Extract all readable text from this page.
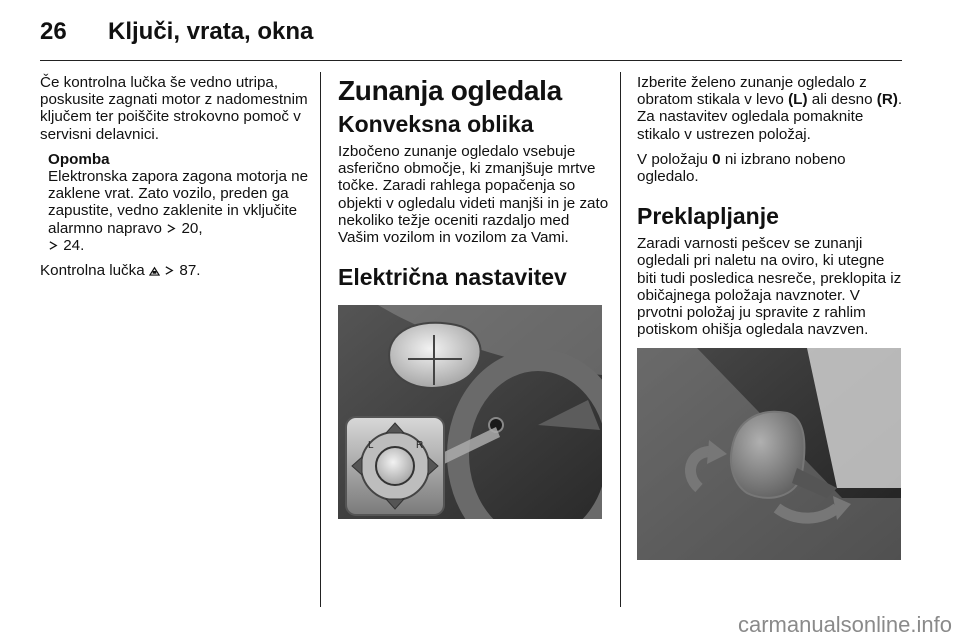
26 Ključi, vrata, okna

Če kontrolna lučka še vedno utripa, poskusite zagnati motor z nadomestnim ključem ter poiščite strokovno pomoč v servisni delavnici.

Opomba
Elektronska zapora zagona motorja ne zaklene vrat. Zato vozilo, preden ga zapustite, vedno zaklenite in vključite alarmno napravo 20,
24.

Kontrolna lučka 87.

Zunanja ogledala
Konveksna oblika

Izbočeno zunanje ogledalo vsebuje asferično območje, ki zmanjšuje mrtve točke. Zaradi rahlega popačenja so objekti v ogledalu videti manjši in je zato nekoliko težje oceniti razdaljo med Vašim vozilom in vozilom za Vami.

Električna nastavitev
L	R

Izberite želeno zunanje ogledalo z obratom stikala v levo (L) ali desno (R). Za nastavitev ogledala pomaknite stikalo v ustrezen položaj.

V položaju 0 ni izbrano nobeno ogledalo.

Preklapljanje

Zaradi varnosti pešcev se zunanji ogledali pri naletu na oviro, ki utegne biti tudi posledica nesreče, preklopita iz običajnega položaja navznoter. V prvotni položaj ju spravite z rahlim potiskom ohišja ogledala navzven.

carmanualsonline.info
